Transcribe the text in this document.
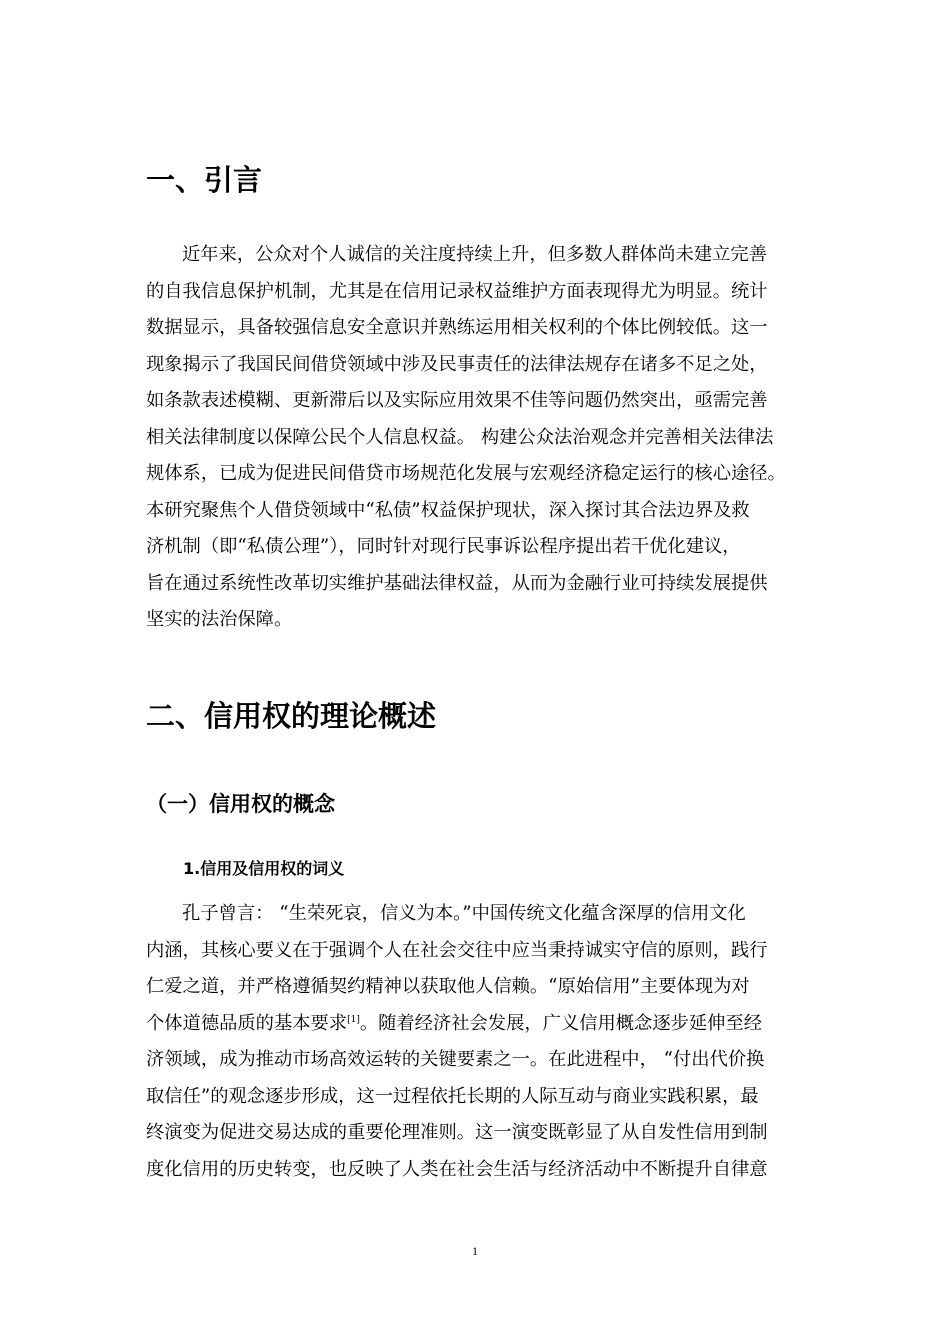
一、引言
近年来，公众对个人诚信的关注度持续上升，但多数人群体尚未建立完善
的自我信息保护机制，尤其是在信用记录权益维护方面表现得尤为明显。统计
数据显示，具备较强信息安全意识并熟练运用相关权利的个体比例较低。这一
现象揭示了我国民间借贷领域中涉及民事责任的法律法规存在诸多不足之处，
如条款表述模糊、更新滞后以及实际应用效果不佳等问题仍然突出，亟需完善
相关法律制度以保障公民个人信息权益。 构建公众法治观念并完善相关法律法
规体系，已成为促进民间借贷市场规范化发展与宏观经济稳定运行的核心途径。
本研究聚焦个人借贷领域中“私债”权益保护现状，深入探讨其合法边界及救
济机制（即“私债公理”），同时针对现行民事诉讼程序提出若干优化建议，
旨在通过系统性改革切实维护基础法律权益，从而为金融行业可持续发展提供
坚实的法治保障。
二、信用权的理论概述
（一）信用权的概念
1.信用及信用权的词义
孔子曾言： “生荣死哀，信义为本。”中国传统文化蕴含深厚的信用文化
内涵，其核心要义在于强调个人在社会交往中应当秉持诚实守信的原则，践行
仁爱之道，并严格遵循契约精神以获取他人信赖。“原始信用”主要体现为对
个体道德品质的基本要求[1]。随着经济社会发展，广义信用概念逐步延伸至经
济领域，成为推动市场高效运转的关键要素之一。在此进程中， “付出代价换
取信任”的观念逐步形成，这一过程依托长期的人际互动与商业实践积累，最
终演变为促进交易达成的重要伦理准则。这一演变既彰显了从自发性信用到制
度化信用的历史转变，也反映了人类在社会生活与经济活动中不断提升自律意

1
